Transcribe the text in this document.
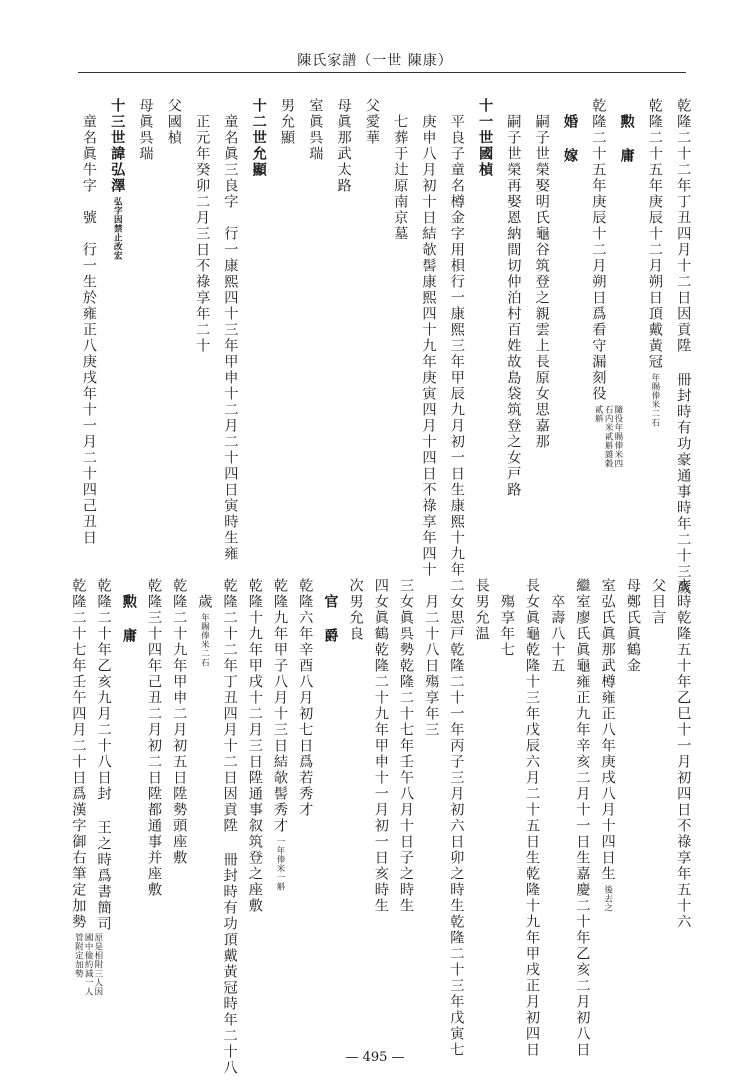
陳氏家譜（一世 陳康）
乾隆二十二年丁丑四月十二日因貢陞 冊封時有功豪通事時年二十三歲
乾隆二十五年庚辰十二月朔日頂戴黃冠年賜俸米二石
　勲 庸
乾隆二十五年庚辰十二月朔日爲看守漏刻役隨役年賜俸米四石内米貳斛雜穀貳斛
　婚 嫁
　嗣子世榮娶明氏龜谷筑登之親雲上長原女思嘉那
　嗣子世榮再娶恩納間切仲泊村百姓故島袋筑登之女戸路
十一世國楨
　平良子童名樽金字用梖行一康熙三年甲辰九月初一日生康熙十九年
　庚申八月初十日結欹髻康熙四十九年庚寅四月十四日不祿享年四十
　七葬于辻原南京墓
父愛華
母眞那武太路
室眞呉瑞
男允顯
十二世允顯
　童名眞三良字　行一康熙四十三年甲申十二月二十四日寅時生雍
　正元年癸卯二月三日不祿享年二十
父國楨
母眞呉瑞
十三世諱弘澤弘字因禁止改宏
　童名眞牛字　號　行一生於雍正八庚戌年十一月二十四己丑日
亥時乾隆五十年乙巳十一月初四日不祿享年五十六
父目言
母鄭氏眞鶴金
室弘氏眞那武樽雍正八年庚戌八月十四日生後去之
繼室廖氏眞龜雍正九年辛亥二月十一日生嘉慶二十年乙亥二月初八日
　卒壽八十五
長女眞龜乾隆十三年戊辰六月二十五日生乾隆十九年甲戌正月初四日
　殤享年七
長男允温
二女思戸乾隆二十一年丙子三月初六日卯之時生乾隆二十三年戊寅七
　月二十八日殤享年三
三女眞呉勢乾隆二十七年壬午八月十日子之時生
四女眞鶴乾隆二十九年甲申十一月初一日亥時生
次男允良
　官 爵
乾隆六年辛酉八月初七日爲若秀才
乾隆九年甲子八月十三日結欹髻秀才一年俸米一斛
乾隆十九年甲戌十二月三日陞通事叙筑登之座敷
乾隆二十二年丁丑四月十二日因貢陞 冊封時有功頂戴黃冠時年二十八
　歲年賜俸米二石
乾隆二十九年甲申二月初五日陞勢頭座敷
乾隆三十四年己丑二月初二日陞都通事并座敷
　勲 庸
乾隆二十年乙亥九月二十八日封 王之時爲書簡司
乾隆二十七年壬午四月二十日爲漢字御右筆定加勢原是相附三人因國中儉約減一人管附定加勢
— 495 —
